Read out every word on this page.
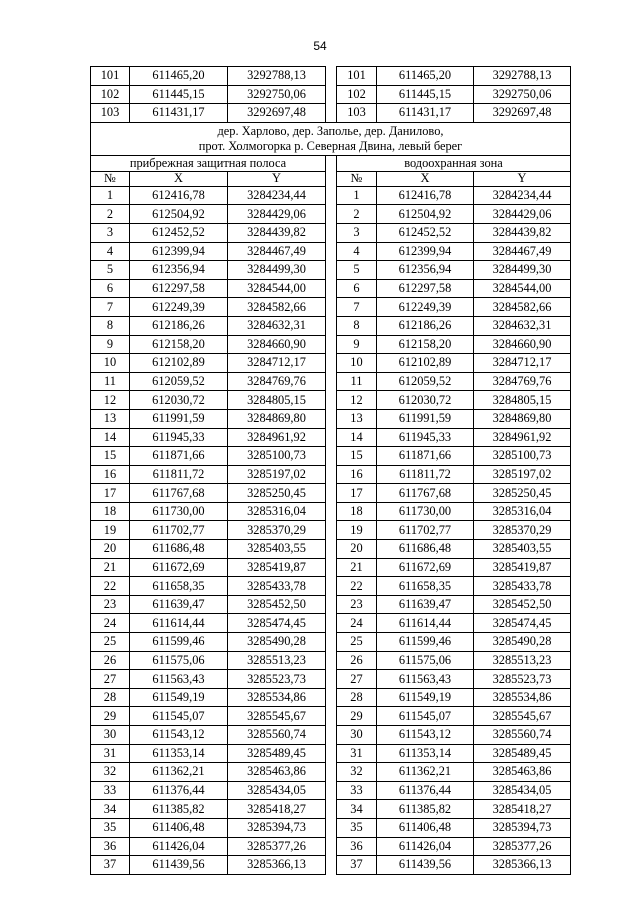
54
101	611465,20	3292788,13		101	611465,20	3292788,13
102	611445,15	3292750,06		102	611445,15	3292750,06
103	611431,17	3292697,48		103	611431,17	3292697,48
дер. Харлово, дер. Заполье, дер. Данилово,
прот. Холмогорка р. Северная Двина, левый берег						
прибрежная защитная полоса				водоохранная зона		
№	X	Y		№	X	Y
1	612416,78	3284234,44		1	612416,78	3284234,44
2	612504,92	3284429,06		2	612504,92	3284429,06
3	612452,52	3284439,82		3	612452,52	3284439,82
4	612399,94	3284467,49		4	612399,94	3284467,49
5	612356,94	3284499,30		5	612356,94	3284499,30
6	612297,58	3284544,00		6	612297,58	3284544,00
7	612249,39	3284582,66		7	612249,39	3284582,66
8	612186,26	3284632,31		8	612186,26	3284632,31
9	612158,20	3284660,90		9	612158,20	3284660,90
10	612102,89	3284712,17		10	612102,89	3284712,17
11	612059,52	3284769,76		11	612059,52	3284769,76
12	612030,72	3284805,15		12	612030,72	3284805,15
13	611991,59	3284869,80		13	611991,59	3284869,80
14	611945,33	3284961,92		14	611945,33	3284961,92
15	611871,66	3285100,73		15	611871,66	3285100,73
16	611811,72	3285197,02		16	611811,72	3285197,02
17	611767,68	3285250,45		17	611767,68	3285250,45
18	611730,00	3285316,04		18	611730,00	3285316,04
19	611702,77	3285370,29		19	611702,77	3285370,29
20	611686,48	3285403,55		20	611686,48	3285403,55
21	611672,69	3285419,87		21	611672,69	3285419,87
22	611658,35	3285433,78		22	611658,35	3285433,78
23	611639,47	3285452,50		23	611639,47	3285452,50
24	611614,44	3285474,45		24	611614,44	3285474,45
25	611599,46	3285490,28		25	611599,46	3285490,28
26	611575,06	3285513,23		26	611575,06	3285513,23
27	611563,43	3285523,73		27	611563,43	3285523,73
28	611549,19	3285534,86		28	611549,19	3285534,86
29	611545,07	3285545,67		29	611545,07	3285545,67
30	611543,12	3285560,74		30	611543,12	3285560,74
31	611353,14	3285489,45		31	611353,14	3285489,45
32	611362,21	3285463,86		32	611362,21	3285463,86
33	611376,44	3285434,05		33	611376,44	3285434,05
34	611385,82	3285418,27		34	611385,82	3285418,27
35	611406,48	3285394,73		35	611406,48	3285394,73
36	611426,04	3285377,26		36	611426,04	3285377,26
37	611439,56	3285366,13		37	611439,56	3285366,13
